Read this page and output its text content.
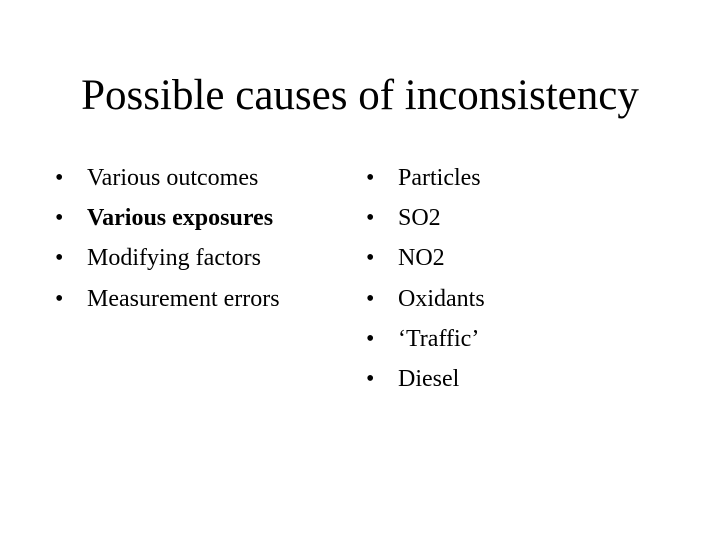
Possible causes of inconsistency
• Various outcomes
• Various exposures
• Modifying factors
• Measurement errors
• Particles
• SO2
• NO2
• Oxidants
• ‘Traffic’
• Diesel
